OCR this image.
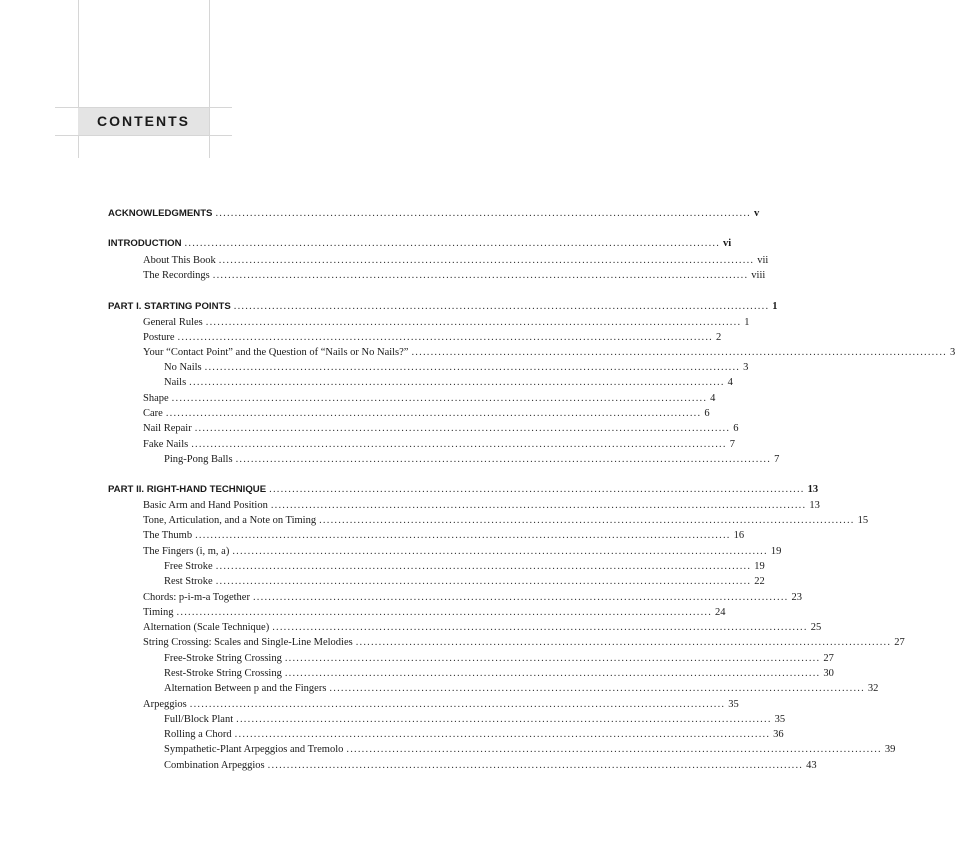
CONTENTS
ACKNOWLEDGMENTS ............................................................................................................................................ v
INTRODUCTION ............................................................................................................................................ vi
About This Book ............................................................................................................................................ vii
The Recordings ............................................................................................................................................ viii
PART I. STARTING POINTS ............................................................................................................................................ 1
General Rules ............................................................................................................................................ 1
Posture ............................................................................................................................................ 2
Your “Contact Point” and the Question of “Nails or No Nails?” ............................................................................................................................................ 3
No Nails ............................................................................................................................................ 3
Nails ............................................................................................................................................ 4
Shape ............................................................................................................................................ 4
Care ............................................................................................................................................ 6
Nail Repair ............................................................................................................................................ 6
Fake Nails ............................................................................................................................................ 7
Ping-Pong Balls ............................................................................................................................................ 7
PART II. RIGHT-HAND TECHNIQUE ............................................................................................................................................ 13
Basic Arm and Hand Position ............................................................................................................................................ 13
Tone, Articulation, and a Note on Timing ............................................................................................................................................ 15
The Thumb ............................................................................................................................................ 16
The Fingers (i, m, a) ............................................................................................................................................ 19
Free Stroke ............................................................................................................................................ 19
Rest Stroke ............................................................................................................................................ 22
Chords: p-i-m-a Together ............................................................................................................................................ 23
Timing ............................................................................................................................................ 24
Alternation (Scale Technique) ............................................................................................................................................ 25
String Crossing: Scales and Single-Line Melodies ............................................................................................................................................ 27
Free-Stroke String Crossing ............................................................................................................................................ 27
Rest-Stroke String Crossing ............................................................................................................................................ 30
Alternation Between p and the Fingers ............................................................................................................................................ 32
Arpeggios ............................................................................................................................................ 35
Full/Block Plant ............................................................................................................................................ 35
Rolling a Chord ............................................................................................................................................ 36
Sympathetic-Plant Arpeggios and Tremolo ............................................................................................................................................ 39
Combination Arpeggios ............................................................................................................................................ 43
